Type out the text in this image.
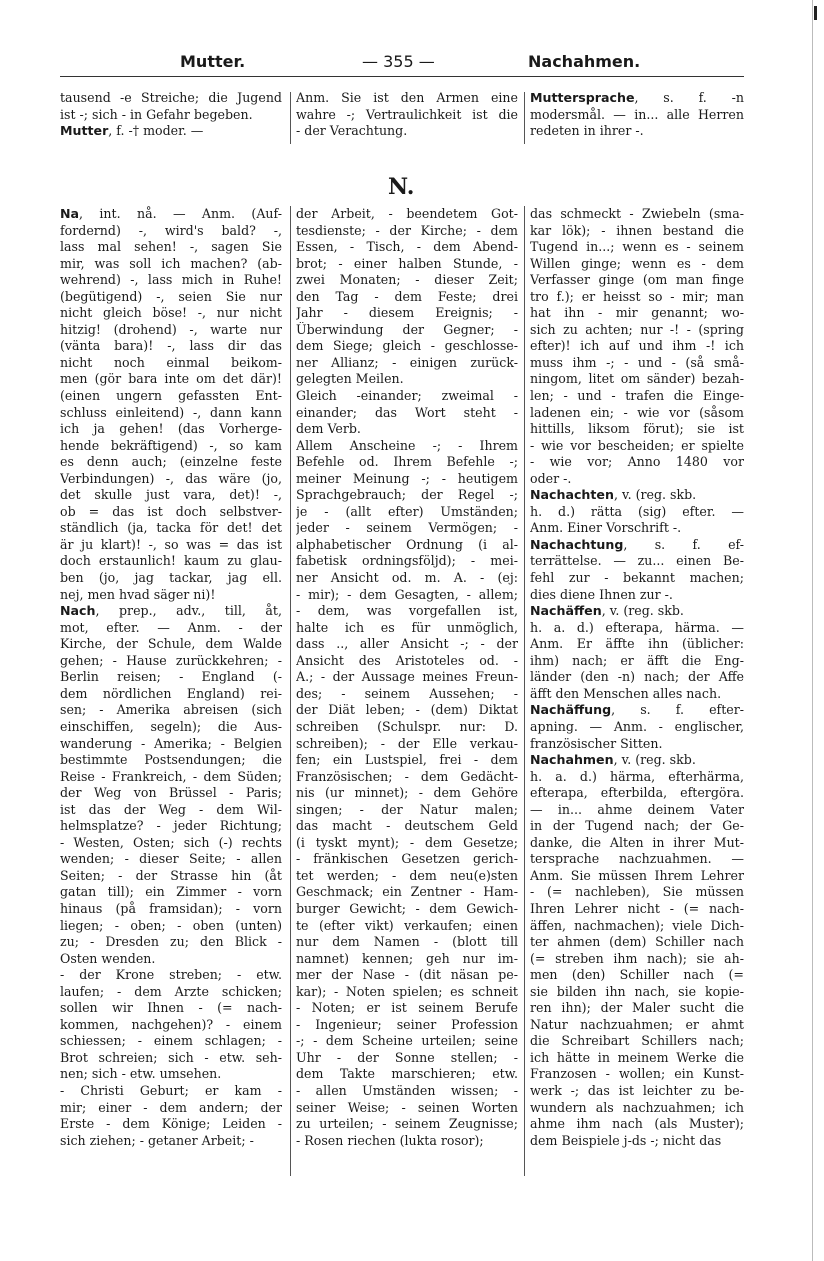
Mutter.	— 355 —	Nachahmen.
tausend -e Streiche; die Jugend
ist -; sich - in Gefahr begeben.
Mutter, f. -† moder. —
Anm. Sie ist den Armen eine
wahre -; Vertraulichkeit ist die
- der Verachtung.
Muttersprache, s. f. -n
modersmål. — in... alle Herren
redeten in ihrer -.
N.
Na, int. nå. — Anm. (Auf-
fordernd) -, wird's bald? -,
lass mal sehen! -, sagen Sie
mir, was soll ich machen? (ab-
wehrend) -, lass mich in Ruhe!
(begütigend) -, seien Sie nur
nicht gleich böse! -, nur nicht
hitzig! (drohend) -, warte nur
(vänta bara)! -, lass dir das
nicht noch einmal beikom-
men (gör bara inte om det där)!
(einen ungern gefassten Ent-
schluss einleitend) -, dann kann
ich ja gehen! (das Vorherge-
hende bekräftigend) -, so kam
es denn auch; (einzelne feste
Verbindungen) -, das wäre (jo,
det skulle just vara, det)! -,
ob = das ist doch selbstver-
ständlich (ja, tacka för det! det
är ju klart)! -, so was = das ist
doch erstaunlich! kaum zu glau-
ben (jo, jag tackar, jag ell.
nej, men hvad säger ni)!
Nach, prep., adv., till, åt,
mot, efter. — Anm. - der
Kirche, der Schule, dem Walde
gehen; - Hause zurückkehren; -
Berlin reisen; - England (-
dem nördlichen England) rei-
sen; - Amerika abreisen (sich
einschiffen, segeln); die Aus-
wanderung - Amerika; - Belgien
bestimmte Postsendungen; die
Reise - Frankreich, - dem Süden;
der Weg von Brüssel - Paris;
ist das der Weg - dem Wil-
helmsplatze? - jeder Richtung;
- Westen, Osten; sich (-) rechts
wenden; - dieser Seite; - allen
Seiten; - der Strasse hin (åt
gatan till); ein Zimmer - vorn
hinaus (på framsidan); - vorn
liegen; - oben; - oben (unten)
zu; - Dresden zu; den Blick -
Osten wenden.
- der Krone streben; - etw.
laufen; - dem Arzte schicken;
sollen wir Ihnen - (= nach-
kommen, nachgehen)? - einem
schiessen; - einem schlagen; -
Brot schreien; sich - etw. seh-
nen; sich - etw. umsehen.
- Christi Geburt; er kam -
mir; einer - dem andern; der
Erste - dem Könige; Leiden -
sich ziehen; - getaner Arbeit; -
der Arbeit, - beendetem Got-
tesdienste; - der Kirche; - dem
Essen, - Tisch, - dem Abend-
brot; - einer halben Stunde, -
zwei Monaten; - dieser Zeit;
den Tag - dem Feste; drei
Jahr - diesem Ereignis; -
Überwindung der Gegner; -
dem Siege; gleich - geschlosse-
ner Allianz; - einigen zurück-
gelegten Meilen.
Gleich -einander; zweimal -
einander; das Wort steht -
dem Verb.
Allem Anscheine -; - Ihrem
Befehle od. Ihrem Befehle -;
meiner Meinung -; - heutigem
Sprachgebrauch; der Regel -;
je - (allt efter) Umständen;
jeder - seinem Vermögen; -
alphabetischer Ordnung (i al-
fabetisk ordningsföljd); - mei-
ner Ansicht od. m. A. - (ej:
- mir); - dem Gesagten, - allem;
- dem, was vorgefallen ist,
halte ich es für unmöglich,
dass .., aller Ansicht -; - der
Ansicht des Aristoteles od. -
A.; - der Aussage meines Freun-
des; - seinem Aussehen; -
der Diät leben; - (dem) Diktat
schreiben (Schulspr. nur: D.
schreiben); - der Elle verkau-
fen; ein Lustspiel, frei - dem
Französischen; - dem Gedächt-
nis (ur minnet); - dem Gehöre
singen; - der Natur malen;
das macht - deutschem Geld
(i tyskt mynt); - dem Gesetze;
- fränkischen Gesetzen gerich-
tet werden; - dem neu(e)sten
Geschmack; ein Zentner - Ham-
burger Gewicht; - dem Gewich-
te (efter vikt) verkaufen; einen
nur dem Namen - (blott till
namnet) kennen; geh nur im-
mer der Nase - (dit näsan pe-
kar); - Noten spielen; es schneit
- Noten; er ist seinem Berufe
- Ingenieur; seiner Profession
-; - dem Scheine urteilen; seine
Uhr - der Sonne stellen; -
dem Takte marschieren; etw.
- allen Umständen wissen; -
seiner Weise; - seinen Worten
zu urteilen; - seinem Zeugnisse;
- Rosen riechen (lukta rosor);
das schmeckt - Zwiebeln (sma-
kar lök); - ihnen bestand die
Tugend in...; wenn es - seinem
Willen ginge; wenn es - dem
Verfasser ginge (om man finge
tro f.); er heisst so - mir; man
hat ihn - mir genannt; wo-
sich zu achten; nur -! - (spring
efter)! ich auf und ihm -! ich
muss ihm -; - und - (så små-
ningom, litet om sänder) bezah-
len; - und - trafen die Einge-
ladenen ein; - wie vor (såsom
hittills, liksom förut); sie ist
- wie vor bescheiden; er spielte
- wie vor; Anno 1480 vor
oder -.
Nachachten, v. (reg. skb.
h. d.) rätta (sig) efter. —
Anm. Einer Vorschrift -.
Nachachtung, s. f. ef-
terrättelse. — zu... einen Be-
fehl zur - bekannt machen;
dies diene Ihnen zur -.
Nachäffen, v. (reg. skb.
h. a. d.) efterapa, härma. —
Anm. Er äffte ihn (üblicher:
ihm) nach; er äfft die Eng-
länder (den -n) nach; der Affe
äfft den Menschen alles nach.
Nachäffung, s. f. efter-
apning. — Anm. - englischer,
französischer Sitten.
Nachahmen, v. (reg. skb.
h. a. d.) härma, efterhärma,
efterapa, efterbilda, eftergöra.
— in... ahme deinem Vater
in der Tugend nach; der Ge-
danke, die Alten in ihrer Mut-
tersprache nachzuahmen. —
Anm. Sie müssen Ihrem Lehrer
- (= nachleben), Sie müssen
Ihren Lehrer nicht - (= nach-
äffen, nachmachen); viele Dich-
ter ahmen (dem) Schiller nach
(= streben ihm nach); sie ah-
men (den) Schiller nach (=
sie bilden ihn nach, sie kopie-
ren ihn); der Maler sucht die
Natur nachzuahmen; er ahmt
die Schreibart Schillers nach;
ich hätte in meinem Werke die
Franzosen - wollen; ein Kunst-
werk -; das ist leichter zu be-
wundern als nachzuahmen; ich
ahme ihm nach (als Muster);
dem Beispiele j-ds -; nicht das
